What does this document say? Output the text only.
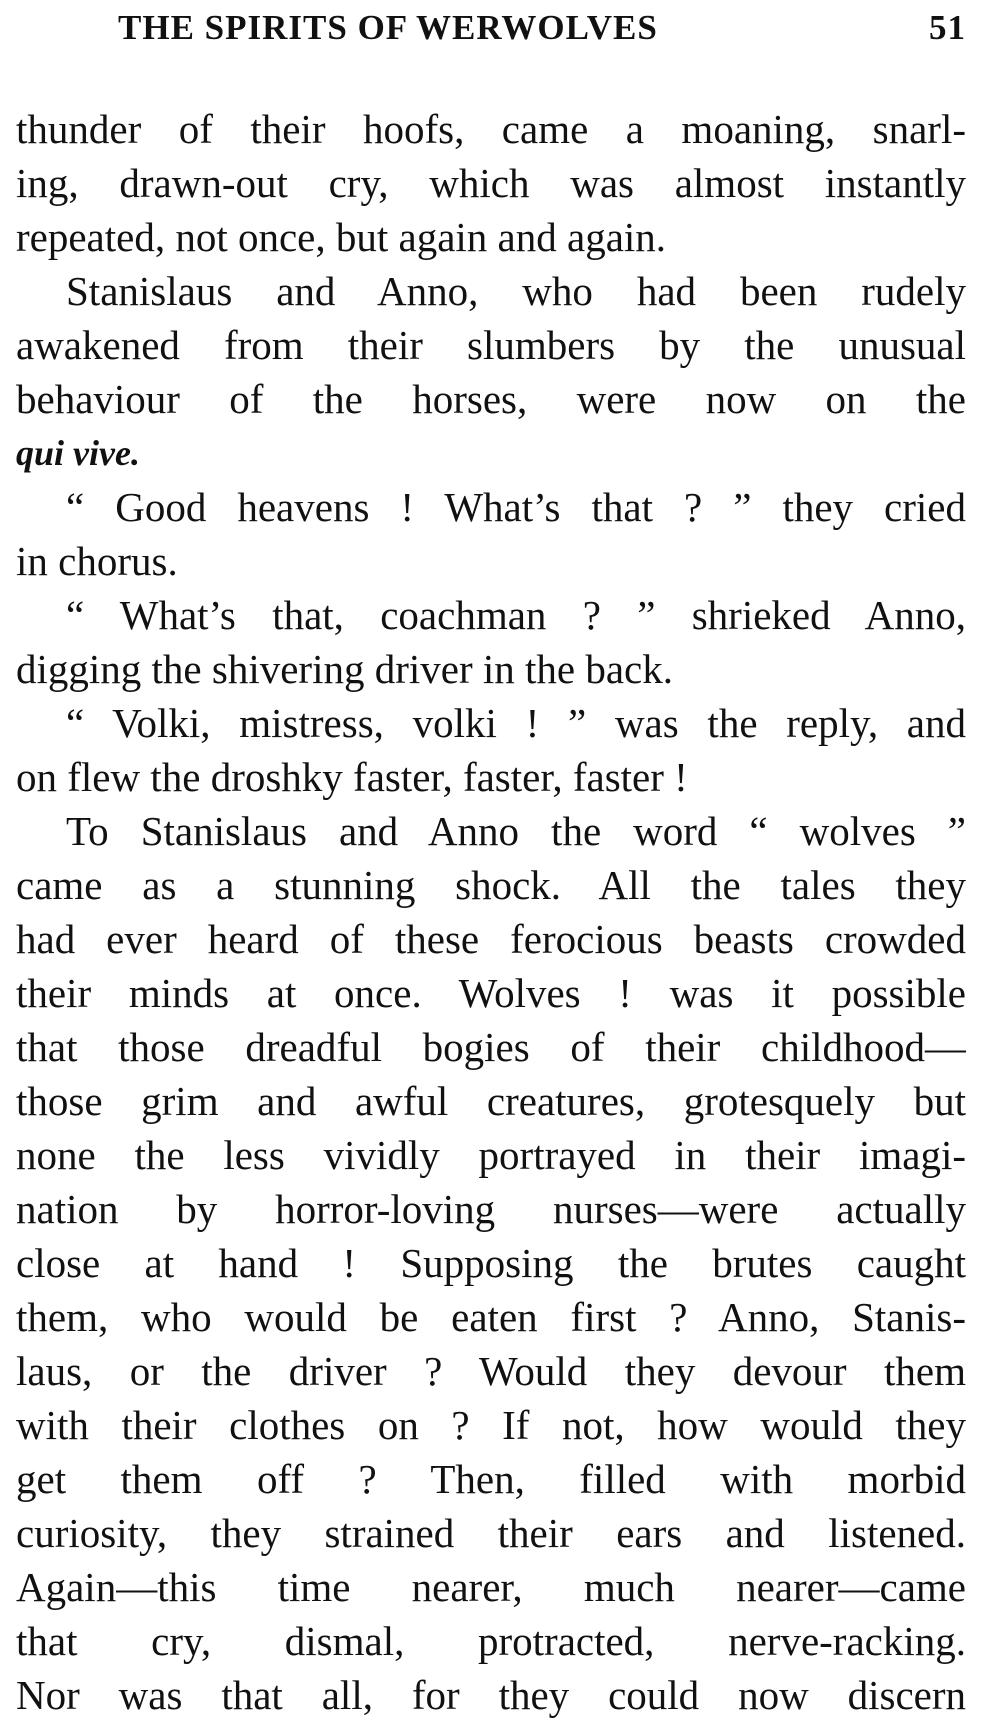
THE SPIRITS OF WERWOLVES	51
thunder of their hoofs, came a moaning, snarl-
ing, drawn-out cry, which was almost instantly
repeated, not once, but again and again.
Stanislaus and Anno, who had been rudely
awakened from their slumbers by the unusual
behaviour of the horses, were now on the
qui vive.
“ Good heavens ! What’s that ? ” they cried
in chorus.
“ What’s that, coachman ? ” shrieked Anno,
digging the shivering driver in the back.
“ Volki, mistress, volki ! ” was the reply, and
on flew the droshky faster, faster, faster !
To Stanislaus and Anno the word “ wolves ”
came as a stunning shock. All the tales they
had ever heard of these ferocious beasts crowded
their minds at once. Wolves ! was it possible
that those dreadful bogies of their childhood—
those grim and awful creatures, grotesquely but
none the less vividly portrayed in their imagi-
nation by horror-loving nurses—were actually
close at hand ! Supposing the brutes caught
them, who would be eaten first ? Anno, Stanis-
laus, or the driver ? Would they devour them
with their clothes on ? If not, how would they
get them off ? Then, filled with morbid
curiosity, they strained their ears and listened.
Again—this time nearer, much nearer—came
that cry, dismal, protracted, nerve-racking.
Nor was that all, for they could now discern
